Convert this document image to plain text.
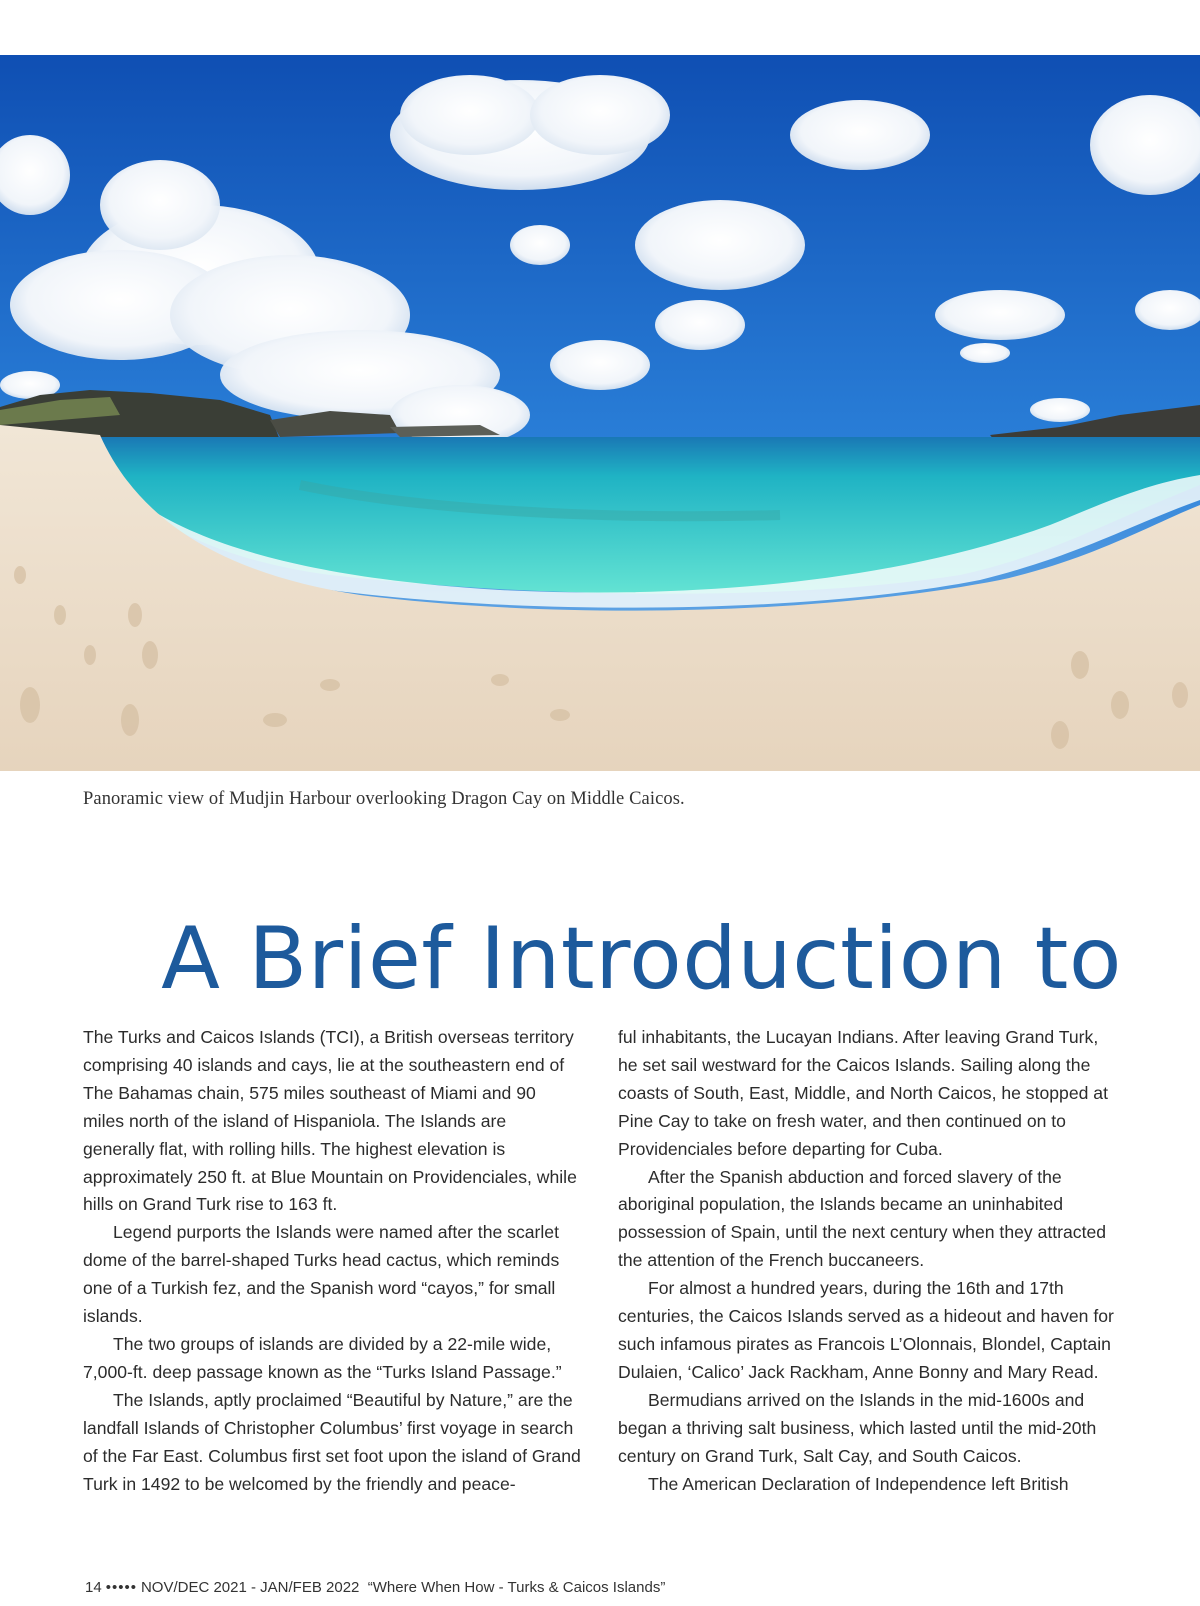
Panoramic view of Mudjin Harbour overlooking Dragon Cay on Middle Caicos.
A Brief Introduction to

The Turks and Caicos Islands (TCI), a British overseas territory comprising 40 islands and cays, lie at the southeastern end of The Bahamas chain, 575 miles southeast of Miami and 90 miles north of the island of Hispaniola. The Islands are generally flat, with rolling hills. The highest elevation is approximately 250 ft. at Blue Mountain on Providenciales, while hills on Grand Turk rise to 163 ft.

Legend purports the Islands were named after the scarlet dome of the barrel-shaped Turks head cactus, which reminds one of a Turkish fez, and the Spanish word “cayos,” for small islands.

The two groups of islands are divided by a 22-mile wide, 7,000-ft. deep passage known as the “Turks Island Passage.”

The Islands, aptly proclaimed “Beautiful by Nature,” are the landfall Islands of Christopher Columbus’ first voyage in search of the Far East. Columbus first set foot upon the island of Grand Turk in 1492 to be welcomed by the friendly and peace-

ful inhabitants, the Lucayan Indians. After leaving Grand Turk, he set sail westward for the Caicos Islands. Sailing along the coasts of South, East, Middle, and North Caicos, he stopped at Pine Cay to take on fresh water, and then continued on to Providenciales before departing for Cuba.

After the Spanish abduction and forced slavery of the aboriginal population, the Islands became an uninhabited possession of Spain, until the next century when they attracted the attention of the French buccaneers.

For almost a hundred years, during the 16th and 17th centuries, the Caicos Islands served as a hideout and haven for such infamous pirates as Francois L’Olonnais, Blondel, Captain Dulaien, ‘Calico’ Jack Rackham, Anne Bonny and Mary Read.

Bermudians arrived on the Islands in the mid-1600s and began a thriving salt business, which lasted until the mid-20th century on Grand Turk, Salt Cay, and South Caicos.

The American Declaration of Independence left British

14 ••••• NOV/DEC 2021 - JAN/FEB 2022 “Where When How - Turks & Caicos Islands”
